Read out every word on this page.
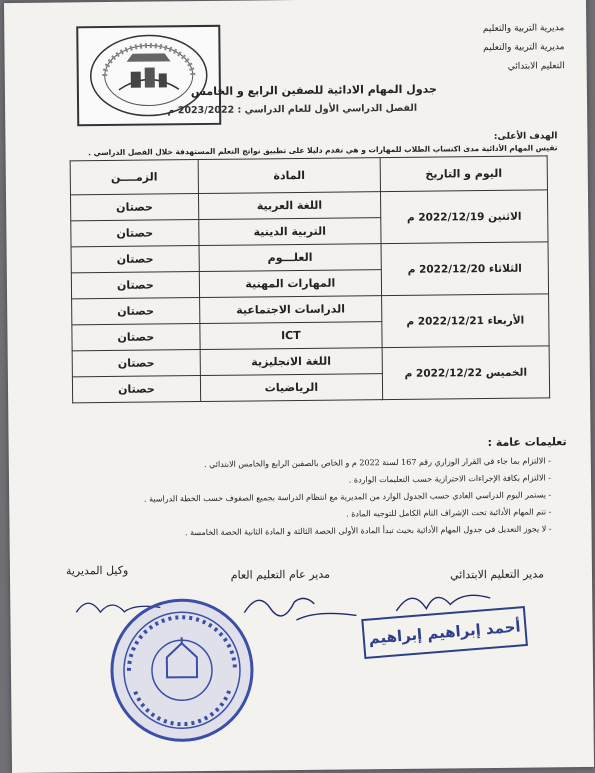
مديرية التربية والتعليم
مديرية التربية والتعليم
التعليم الابتدائي
جدول المهام الادائية للصفين الرابع و الخامس
الفصل الدراسي الأول للعام الدراسي : 2023/2022 م
الهدف الأعلى:
تقيس المهام الأدائية مدى اكتساب الطلاب للمهارات و هي تقدم دليلا على تطبيق نواتج التعلم المستهدفة خلال الفصل الدراسي .
اليوم و التاريخ	المادة	الزمــــن
الاثنين 2022/12/19 م	اللغة العربية	حصتان
	التربية الدينية	حصتان
الثلاثاء 2022/12/20 م	العلـــوم	حصتان
	المهارات المهنية	حصتان
الأربعاء 2022/12/21 م	الدراسات الاجتماعية	حصتان
	ICT	حصتان
الخميس 2022/12/22 م	اللغة الانجليزية	حصتان
	الرياضيات	حصتان
تعليمات عامة :

- الالتزام بما جاء في القرار الوزاري رقم 167 لسنة 2022 م و الخاص بالصفين الرابع والخامس الابتدائي .

- الالتزام بكافة الإجراءات الاحترازية حسب التعليمات الواردة .

- يستمر اليوم الدراسي العادي حسب الجدول الوارد من المديرية مع انتظام الدراسة بجميع الصفوف حسب الخطة الدراسية .

- تتم المهام الأدائية تحت الإشراف التام الكامل للتوجيه المادة .

- لا يجوز التعديل في جدول المهام الأدائية بحيث تبدأ المادة الأولى الحصة الثالثة و المادة الثانية الحصة الخامسة .

مدير التعليم الابتدائي
مدير عام التعليم العام
وكيل المديرية
أحمد إبراهيم إبراهيم
